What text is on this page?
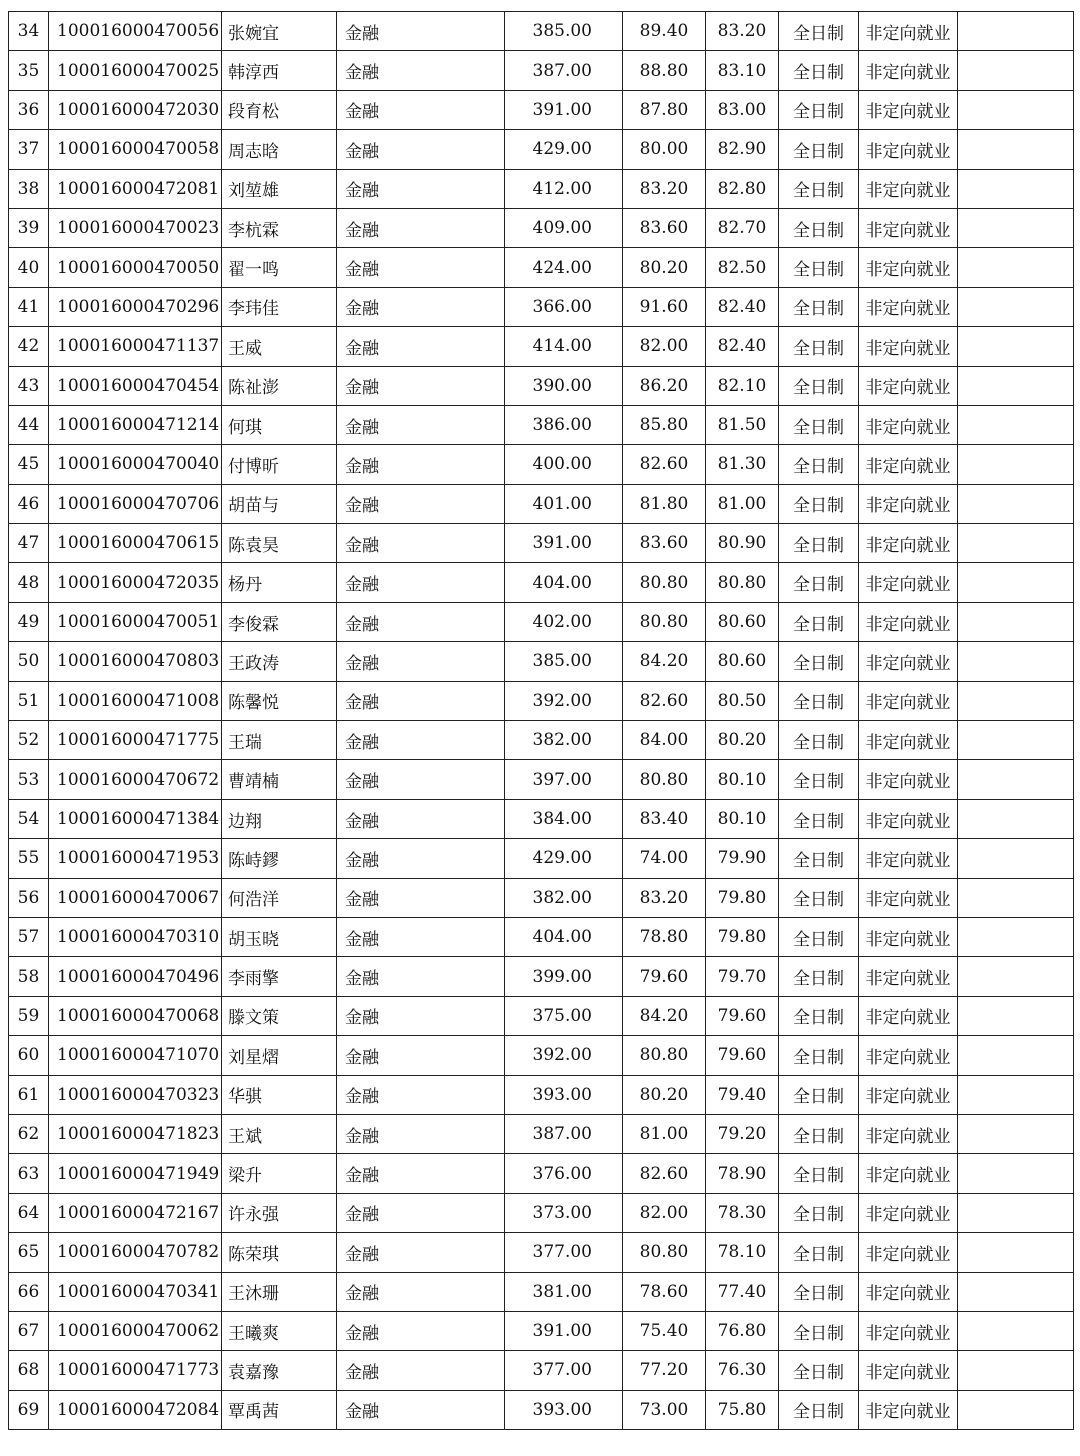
34	100016000470056	张婉宜	金融	385.00	89.40	83.20	全日制	非定向就业	
35	100016000470025	韩淳西	金融	387.00	88.80	83.10	全日制	非定向就业	
36	100016000472030	段育松	金融	391.00	87.80	83.00	全日制	非定向就业	
37	100016000470058	周志晗	金融	429.00	80.00	82.90	全日制	非定向就业	
38	100016000472081	刘堃雄	金融	412.00	83.20	82.80	全日制	非定向就业	
39	100016000470023	李杭霖	金融	409.00	83.60	82.70	全日制	非定向就业	
40	100016000470050	翟一鸣	金融	424.00	80.20	82.50	全日制	非定向就业	
41	100016000470296	李玮佳	金融	366.00	91.60	82.40	全日制	非定向就业	
42	100016000471137	王威	金融	414.00	82.00	82.40	全日制	非定向就业	
43	100016000470454	陈祉澎	金融	390.00	86.20	82.10	全日制	非定向就业	
44	100016000471214	何琪	金融	386.00	85.80	81.50	全日制	非定向就业	
45	100016000470040	付博昕	金融	400.00	82.60	81.30	全日制	非定向就业	
46	100016000470706	胡苗与	金融	401.00	81.80	81.00	全日制	非定向就业	
47	100016000470615	陈袁昊	金融	391.00	83.60	80.90	全日制	非定向就业	
48	100016000472035	杨丹	金融	404.00	80.80	80.80	全日制	非定向就业	
49	100016000470051	李俊霖	金融	402.00	80.80	80.60	全日制	非定向就业	
50	100016000470803	王政涛	金融	385.00	84.20	80.60	全日制	非定向就业	
51	100016000471008	陈馨悦	金融	392.00	82.60	80.50	全日制	非定向就业	
52	100016000471775	王瑞	金融	382.00	84.00	80.20	全日制	非定向就业	
53	100016000470672	曹靖楠	金融	397.00	80.80	80.10	全日制	非定向就业	
54	100016000471384	边翔	金融	384.00	83.40	80.10	全日制	非定向就业	
55	100016000471953	陈峙鏐	金融	429.00	74.00	79.90	全日制	非定向就业	
56	100016000470067	何浩洋	金融	382.00	83.20	79.80	全日制	非定向就业	
57	100016000470310	胡玉晓	金融	404.00	78.80	79.80	全日制	非定向就业	
58	100016000470496	李雨擎	金融	399.00	79.60	79.70	全日制	非定向就业	
59	100016000470068	滕文策	金融	375.00	84.20	79.60	全日制	非定向就业	
60	100016000471070	刘星熠	金融	392.00	80.80	79.60	全日制	非定向就业	
61	100016000470323	华骐	金融	393.00	80.20	79.40	全日制	非定向就业	
62	100016000471823	王斌	金融	387.00	81.00	79.20	全日制	非定向就业	
63	100016000471949	梁升	金融	376.00	82.60	78.90	全日制	非定向就业	
64	100016000472167	许永强	金融	373.00	82.00	78.30	全日制	非定向就业	
65	100016000470782	陈荣琪	金融	377.00	80.80	78.10	全日制	非定向就业	
66	100016000470341	王沐珊	金融	381.00	78.60	77.40	全日制	非定向就业	
67	100016000470062	王曦爽	金融	391.00	75.40	76.80	全日制	非定向就业	
68	100016000471773	袁嘉豫	金融	377.00	77.20	76.30	全日制	非定向就业	
69	100016000472084	覃禹茜	金融	393.00	73.00	75.80	全日制	非定向就业	
